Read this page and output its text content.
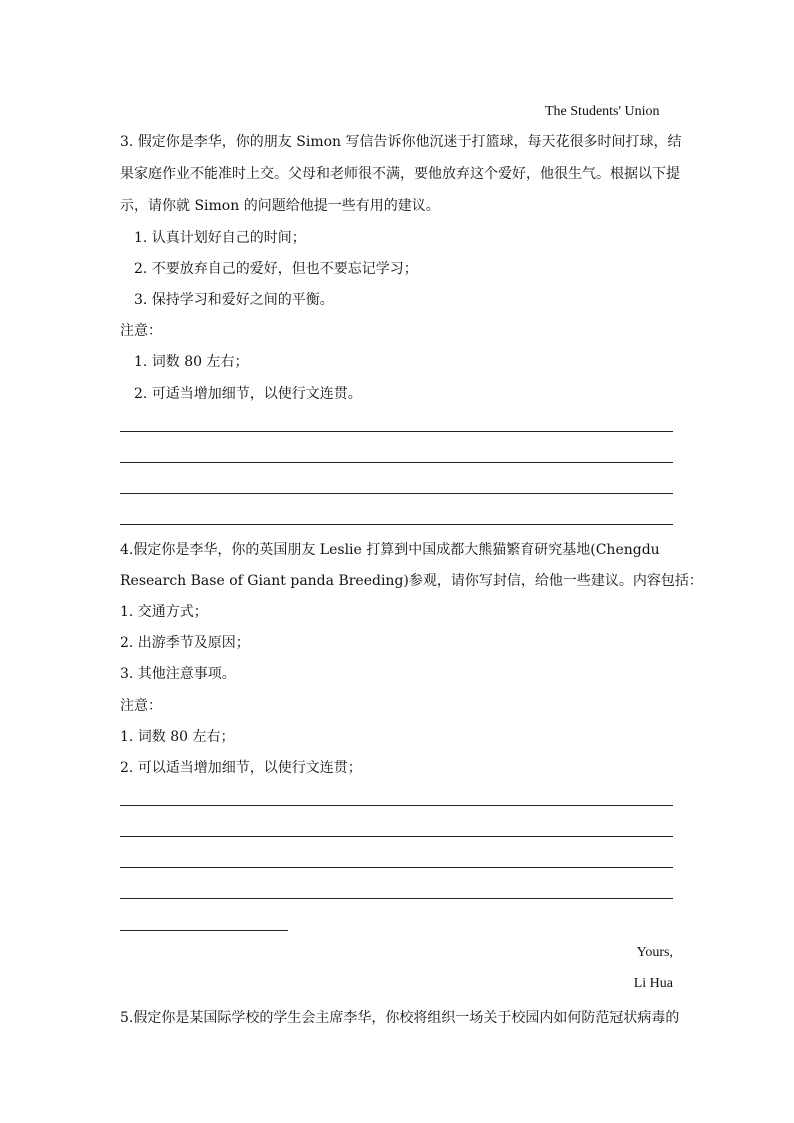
The Students' Union
3. 假定你是李华，你的朋友 Simon 写信告诉你他沉迷于打篮球，每天花很多时间打球，结
果家庭作业不能准时上交。父母和老师很不满，要他放弃这个爱好，他很生气。根据以下提
示，请你就 Simon 的问题给他提一些有用的建议。
1. 认真计划好自己的时间；
2. 不要放弃自己的爱好，但也不要忘记学习；
3. 保持学习和爱好之间的平衡。
注意：
1. 词数 80 左右；
2. 可适当增加细节，以使行文连贯。
4.假定你是李华，你的英国朋友 Leslie 打算到中国成都大熊猫繁育研究基地(Chengdu
Research Base of Giant panda Breeding)参观，请你写封信，给他一些建议。内容包括：
1. 交通方式；
2. 出游季节及原因；
3. 其他注意事项。
注意：
1. 词数 80 左右；
2. 可以适当增加细节，以使行文连贯；
Yours,
Li Hua
5.假定你是某国际学校的学生会主席李华，你校将组织一场关于校园内如何防范冠状病毒的
